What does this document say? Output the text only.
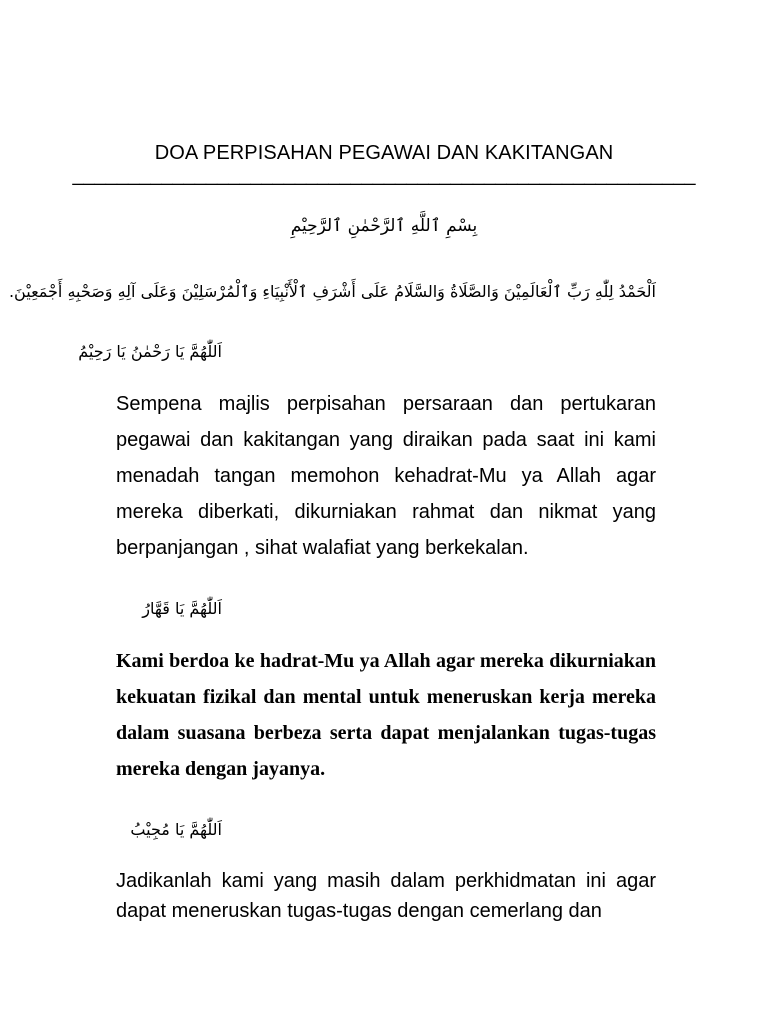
DOA PERPISAHAN PEGAWAI DAN KAKITANGAN
________________________________________________________
بِسْمِ ٱللَّهِ ٱلرَّحْمٰنِ ٱلرَّحِيْمِ
اَلْحَمْدُ لِلّٰهِ رَبِّ ٱلْعَالَمِيْنَ وَالصَّلَاةُ وَالسَّلَامُ عَلَى أَشْرَفِ ٱلْأَنْبِيَاءِ وَٱلْمُرْسَلِيْنَ وَعَلَى آلِهِ وَصَحْبِهِ أَجْمَعِيْنَ.
اَللّٰهُمَّ يَا رَحْمٰنُ يَا رَحِيْمُ

Sempena majlis perpisahan persaraan dan pertukaran pegawai dan kakitangan yang diraikan pada saat ini kami menadah tangan memohon kehadrat-Mu ya Allah agar mereka diberkati, dikurniakan rahmat dan nikmat yang berpanjangan , sihat walafiat yang berkekalan.

اَللّٰهُمَّ يَا قَهَّارُ

Kami berdoa ke hadrat-Mu ya Allah agar mereka dikurniakan kekuatan fizikal dan mental untuk meneruskan kerja mereka dalam suasana berbeza serta dapat menjalankan tugas-tugas mereka dengan jayanya.

اَللّٰهُمَّ يَا مُجِيْبُ

Jadikanlah kami yang masih dalam perkhidmatan ini agar dapat meneruskan tugas-tugas dengan cemerlang dan
